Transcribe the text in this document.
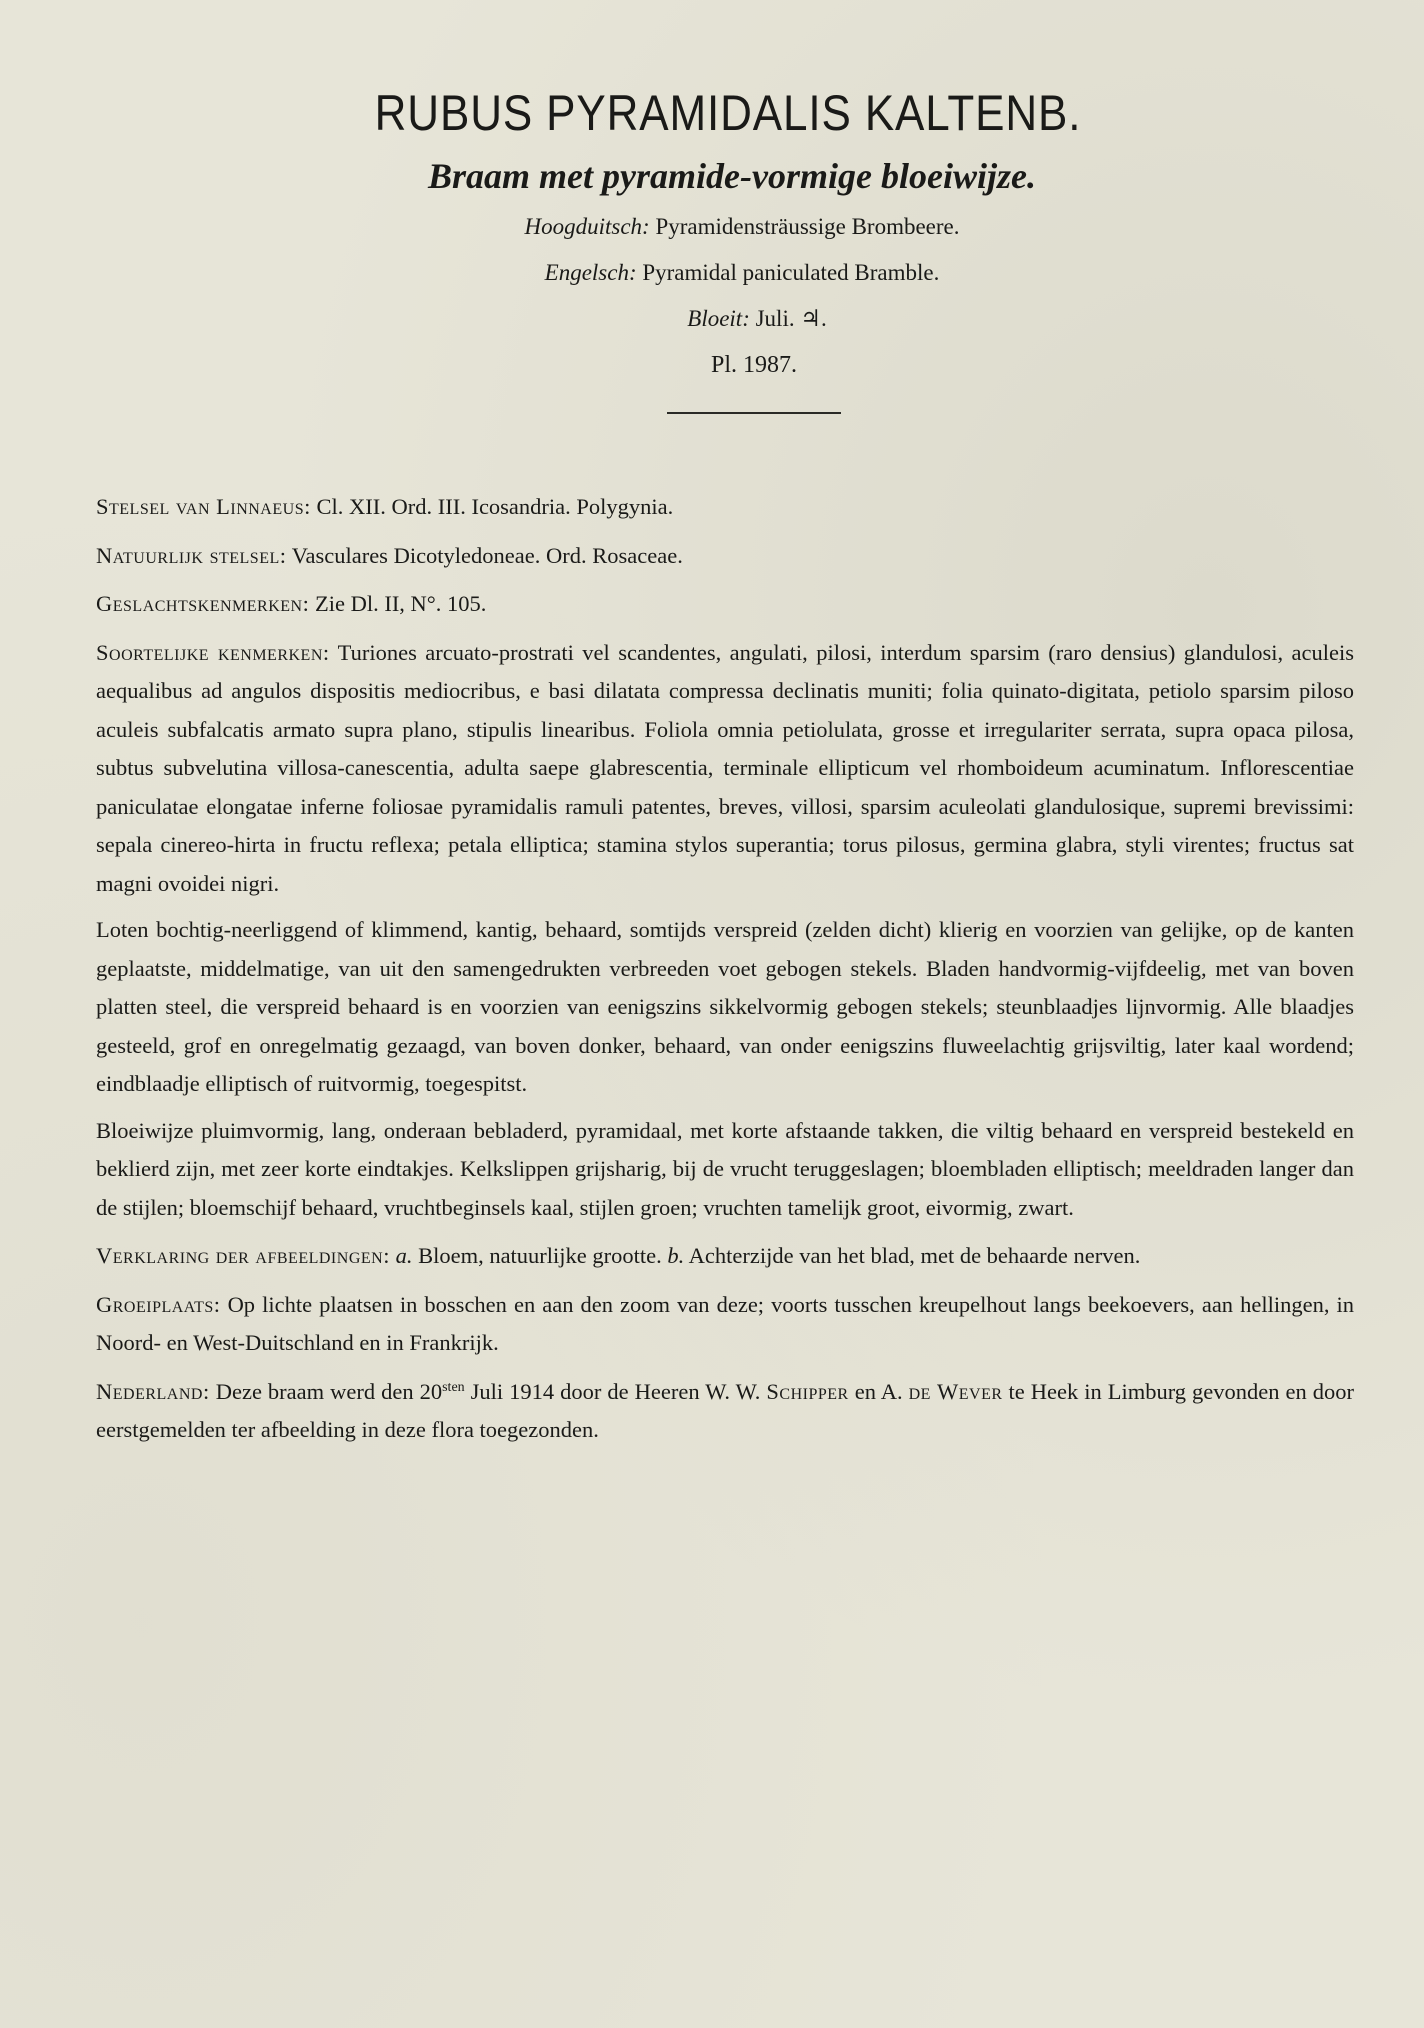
RUBUS PYRAMIDALIS KALTENB.

Braam met pyramide-vormige bloeiwijze.

Hoogduitsch: Pyramidensträussige Brombeere.

Engelsch: Pyramidal paniculated Bramble.

Bloeit: Juli. ♃.

Pl. 1987.

Stelsel van Linnaeus: Cl. XII. Ord. III. Icosandria. Polygynia.

Natuurlijk stelsel: Vasculares Dicotyledoneae. Ord. Rosaceae.

Geslachtskenmerken: Zie Dl. II, N°. 105.

Soortelijke kenmerken: Turiones arcuato-prostrati vel scandentes, angulati, pilosi, interdum sparsim (raro densius) glandulosi, aculeis aequalibus ad angulos dispositis mediocribus, e basi dilatata compressa declinatis muniti; folia quinato-digitata, petiolo sparsim piloso aculeis subfalcatis armato supra plano, stipulis linearibus. Foliola omnia petiolulata, grosse et irregulariter serrata, supra opaca pilosa, subtus subvelutina villosa-canescentia, adulta saepe glabrescentia, terminale ellipticum vel rhomboideum acuminatum. Inflorescentiae paniculatae elongatae inferne foliosae pyramidalis ramuli patentes, breves, villosi, sparsim aculeolati glandulosique, supremi brevissimi: sepala cinereo-hirta in fructu reflexa; petala elliptica; stamina stylos superantia; torus pilosus, germina glabra, styli virentes; fructus sat magni ovoidei nigri.

Loten bochtig-neerliggend of klimmend, kantig, behaard, somtijds verspreid (zelden dicht) klierig en voorzien van gelijke, op de kanten geplaatste, middelmatige, van uit den samengedrukten verbreeden voet gebogen stekels. Bladen handvormig-vijfdeelig, met van boven platten steel, die verspreid behaard is en voorzien van eenigszins sikkelvormig gebogen stekels; steunblaadjes lijnvormig. Alle blaadjes gesteeld, grof en onregelmatig gezaagd, van boven donker, behaard, van onder eenigszins fluweelachtig grijsviltig, later kaal wordend; eindblaadje elliptisch of ruitvormig, toegespitst.

Bloeiwijze pluimvormig, lang, onderaan bebladerd, pyramidaal, met korte afstaande takken, die viltig behaard en verspreid bestekeld en beklierd zijn, met zeer korte eindtakjes. Kelkslippen grijsharig, bij de vrucht teruggeslagen; bloembladen elliptisch; meeldraden langer dan de stijlen; bloemschijf behaard, vruchtbeginsels kaal, stijlen groen; vruchten tamelijk groot, eivormig, zwart.

Verklaring der afbeeldingen: a. Bloem, natuurlijke grootte. b. Achterzijde van het blad, met de behaarde nerven.

Groeiplaats: Op lichte plaatsen in bosschen en aan den zoom van deze; voorts tusschen kreupelhout langs beekoevers, aan hellingen, in Noord- en West-Duitschland en in Frankrijk.

Nederland: Deze braam werd den $20^{sten}$ Juli 1914 door de Heeren W. W. Schipper en A. de Wever te Heek in Limburg gevonden en door eerstgemelden ter afbeelding in deze flora toegezonden.
